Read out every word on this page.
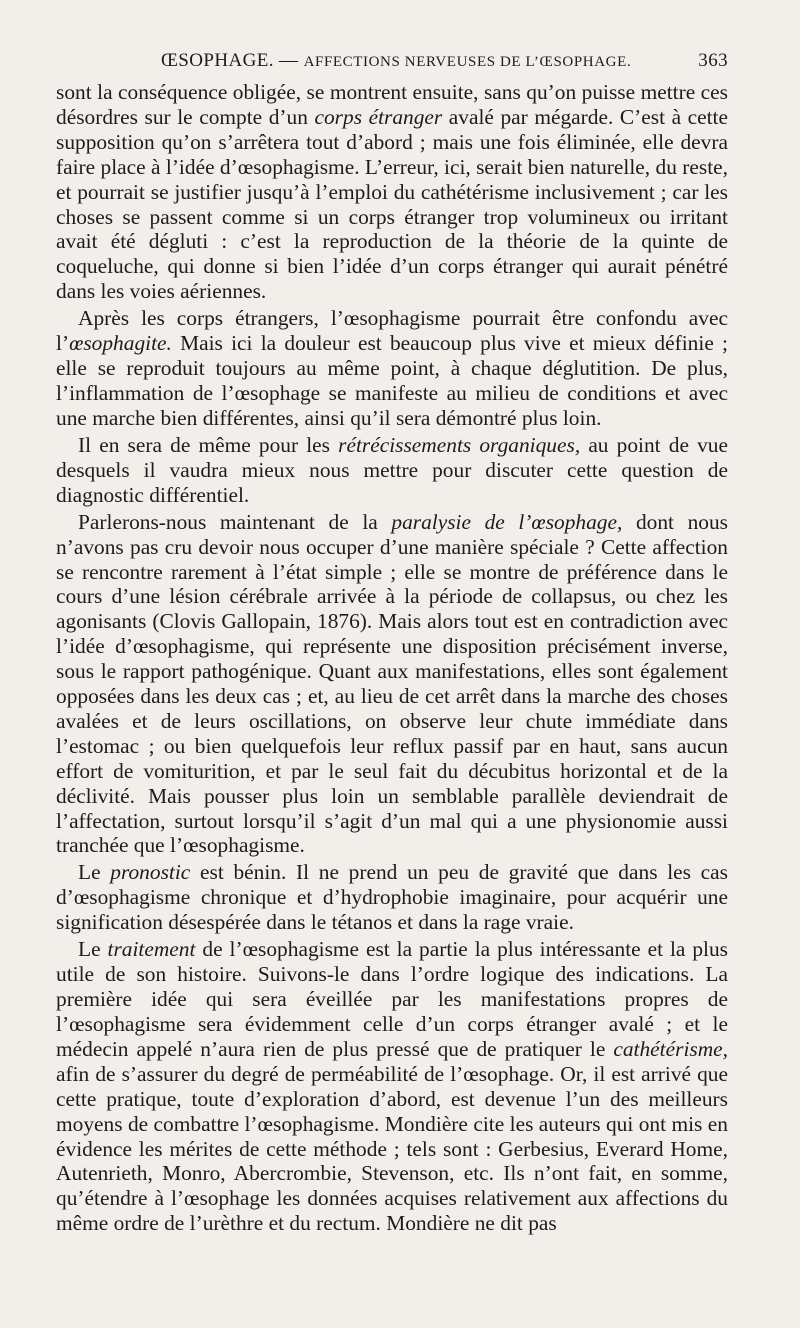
ŒSOPHAGE. — AFFECTIONS NERVEUSES DE L’ŒSOPHAGE.	363

sont la conséquence obligée, se montrent ensuite, sans qu’on puisse mettre ces désordres sur le compte d’un corps étranger avalé par mégarde. C’est à cette supposition qu’on s’arrêtera tout d’abord ; mais une fois éliminée, elle devra faire place à l’idée d’œsophagisme. L’erreur, ici, serait bien naturelle, du reste, et pourrait se justifier jusqu’à l’emploi du cathétérisme inclusivement ; car les choses se passent comme si un corps étranger trop volumineux ou irritant avait été dégluti : c’est la reproduction de la théorie de la quinte de coqueluche, qui donne si bien l’idée d’un corps étranger qui aurait pénétré dans les voies aériennes.

Après les corps étrangers, l’œsophagisme pourrait être confondu avec l’œsophagite. Mais ici la douleur est beaucoup plus vive et mieux définie ; elle se reproduit toujours au même point, à chaque déglutition. De plus, l’inflammation de l’œsophage se manifeste au milieu de conditions et avec une marche bien différentes, ainsi qu’il sera démontré plus loin.

Il en sera de même pour les rétrécissements organiques, au point de vue desquels il vaudra mieux nous mettre pour discuter cette question de diagnostic différentiel.

Parlerons-nous maintenant de la paralysie de l’œsophage, dont nous n’avons pas cru devoir nous occuper d’une manière spéciale ? Cette affection se rencontre rarement à l’état simple ; elle se montre de préférence dans le cours d’une lésion cérébrale arrivée à la période de collapsus, ou chez les agonisants (Clovis Gallopain, 1876). Mais alors tout est en contradiction avec l’idée d’œsophagisme, qui représente une disposition précisément inverse, sous le rapport pathogénique. Quant aux manifestations, elles sont également opposées dans les deux cas ; et, au lieu de cet arrêt dans la marche des choses avalées et de leurs oscillations, on observe leur chute immédiate dans l’estomac ; ou bien quelquefois leur reflux passif par en haut, sans aucun effort de vomiturition, et par le seul fait du décubitus horizontal et de la déclivité. Mais pousser plus loin un semblable parallèle deviendrait de l’affectation, surtout lorsqu’il s’agit d’un mal qui a une physionomie aussi tranchée que l’œsophagisme.

Le pronostic est bénin. Il ne prend un peu de gravité que dans les cas d’œsophagisme chronique et d’hydrophobie imaginaire, pour acquérir une signification désespérée dans le tétanos et dans la rage vraie.

Le traitement de l’œsophagisme est la partie la plus intéressante et la plus utile de son histoire. Suivons-le dans l’ordre logique des indications. La première idée qui sera éveillée par les manifestations propres de l’œsophagisme sera évidemment celle d’un corps étranger avalé ; et le médecin appelé n’aura rien de plus pressé que de pratiquer le cathétérisme, afin de s’assurer du degré de perméabilité de l’œsophage. Or, il est arrivé que cette pratique, toute d’exploration d’abord, est devenue l’un des meilleurs moyens de combattre l’œsophagisme. Mondière cite les auteurs qui ont mis en évidence les mérites de cette méthode ; tels sont : Gerbesius, Everard Home, Autenrieth, Monro, Abercrombie, Stevenson, etc. Ils n’ont fait, en somme, qu’étendre à l’œsophage les données acquises relativement aux affections du même ordre de l’urèthre et du rectum. Mondière ne dit pas
